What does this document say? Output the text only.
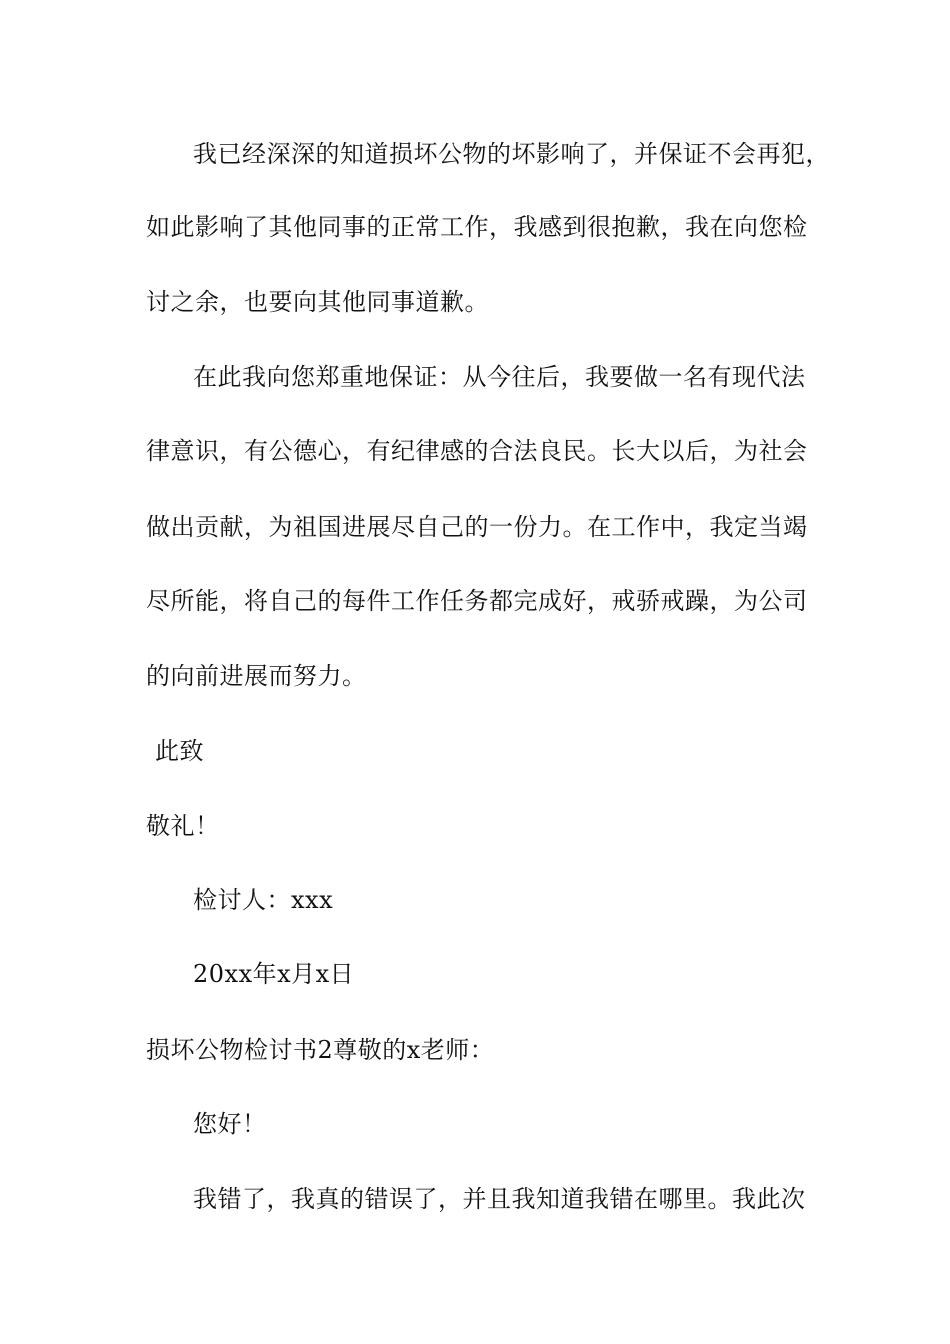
我已经深深的知道损坏公物的坏影响了，并保证不会再犯，
如此影响了其他同事的正常工作，我感到很抱歉，我在向您检
讨之余，也要向其他同事道歉。
在此我向您郑重地保证：从今往后，我要做一名有现代法
律意识，有公德心，有纪律感的合法良民。长大以后，为社会
做出贡献，为祖国进展尽自己的一份力。在工作中，我定当竭
尽所能，将自己的每件工作任务都完成好，戒骄戒躁，为公司
的向前进展而努力。
此致
敬礼！
检讨人：xxx
20xx年x月x日
损坏公物检讨书2尊敬的x老师：
您好！
我错了，我真的错误了，并且我知道我错在哪里。我此次
